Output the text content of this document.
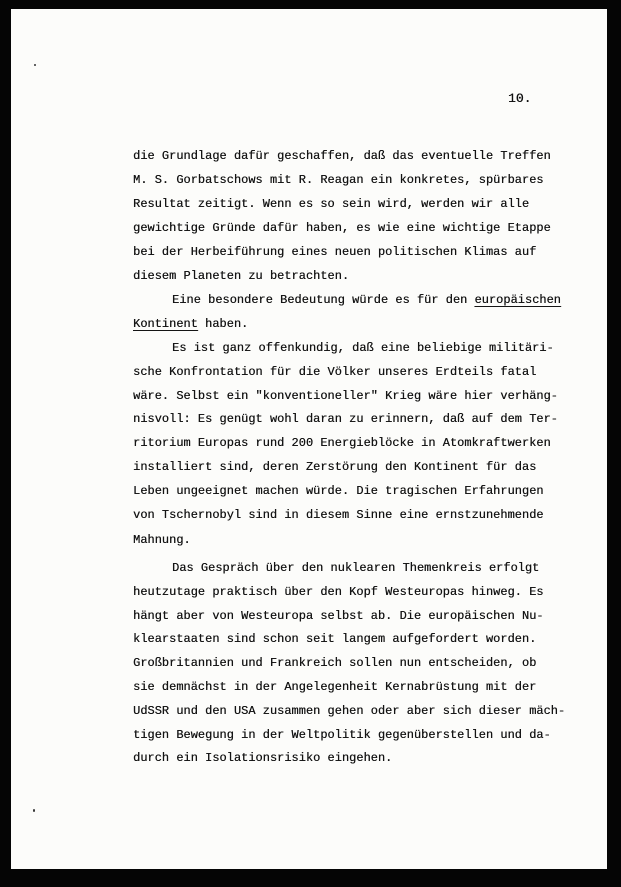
10.
die Grundlage dafür geschaffen, daß das eventuelle Treffen
M. S. Gorbatschows mit R. Reagan ein konkretes, spürbares
Resultat zeitigt. Wenn es so sein wird, werden wir alle
gewichtige Gründe dafür haben, es wie eine wichtige Etappe
bei der Herbeiführung eines neuen politischen Klimas auf
diesem Planeten zu betrachten.
Eine besondere Bedeutung würde es für den europäischen
Kontinent haben.
Es ist ganz offenkundig, daß eine beliebige militäri-
sche Konfrontation für die Völker unseres Erdteils fatal
wäre. Selbst ein "konventioneller" Krieg wäre hier verhäng-
nisvoll: Es genügt wohl daran zu erinnern, daß auf dem Ter-
ritorium Europas rund 200 Energieblöcke in Atomkraftwerken
installiert sind, deren Zerstörung den Kontinent für das
Leben ungeeignet machen würde. Die tragischen Erfahrungen
von Tschernobyl sind in diesem Sinne eine ernstzunehmende
Mahnung.
Das Gespräch über den nuklearen Themenkreis erfolgt
heutzutage praktisch über den Kopf Westeuropas hinweg. Es
hängt aber von Westeuropa selbst ab. Die europäischen Nu-
klearstaaten sind schon seit langem aufgefordert worden.
Großbritannien und Frankreich sollen nun entscheiden, ob
sie demnächst in der Angelegenheit Kernabrüstung mit der
UdSSR und den USA zusammen gehen oder aber sich dieser mäch-
tigen Bewegung in der Weltpolitik gegenüberstellen und da-
durch ein Isolationsrisiko eingehen.
